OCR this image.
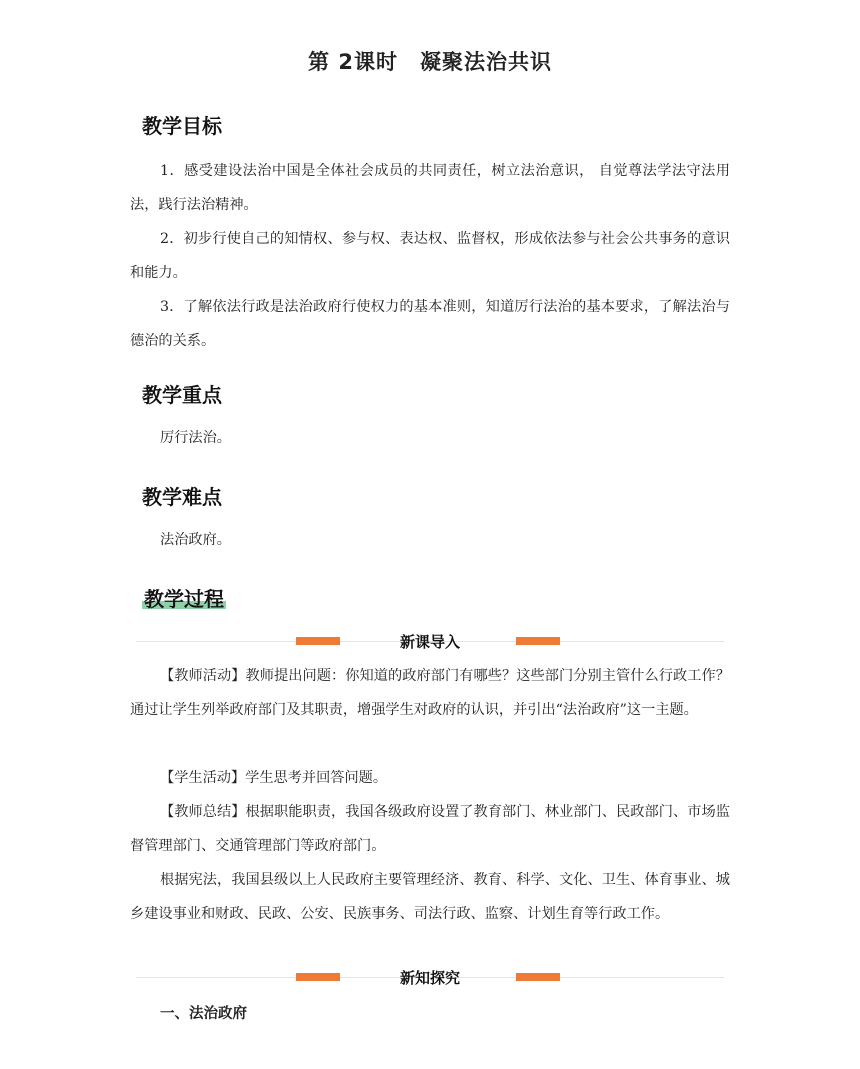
第 2课时　凝聚法治共识
教学目标

1．感受建设法治中国是全体社会成员的共同责任，树立法治意识， 自觉尊法学法守法用法，践行法治精神。

2．初步行使自己的知情权、参与权、表达权、监督权，形成依法参与社会公共事务的意识和能力。

3．了解依法行政是法治政府行使权力的基本准则，知道厉行法治的基本要求，了解法治与德治的关系。

教学重点

厉行法治。

教学难点

法治政府。

教学过程
新课导入

【教师活动】教师提出问题：你知道的政府部门有哪些？这些部门分别主管什么行政工作？通过让学生列举政府部门及其职责，增强学生对政府的认识，并引出“法治政府”这一主题。

【学生活动】学生思考并回答问题。

【教师总结】根据职能职责，我国各级政府设置了教育部门、林业部门、民政部门、市场监督管理部门、交通管理部门等政府部门。

根据宪法，我国县级以上人民政府主要管理经济、教育、科学、文化、卫生、体育事业、城乡建设事业和财政、民政、公安、民族事务、司法行政、监察、计划生育等行政工作。

新知探究
一、法治政府
